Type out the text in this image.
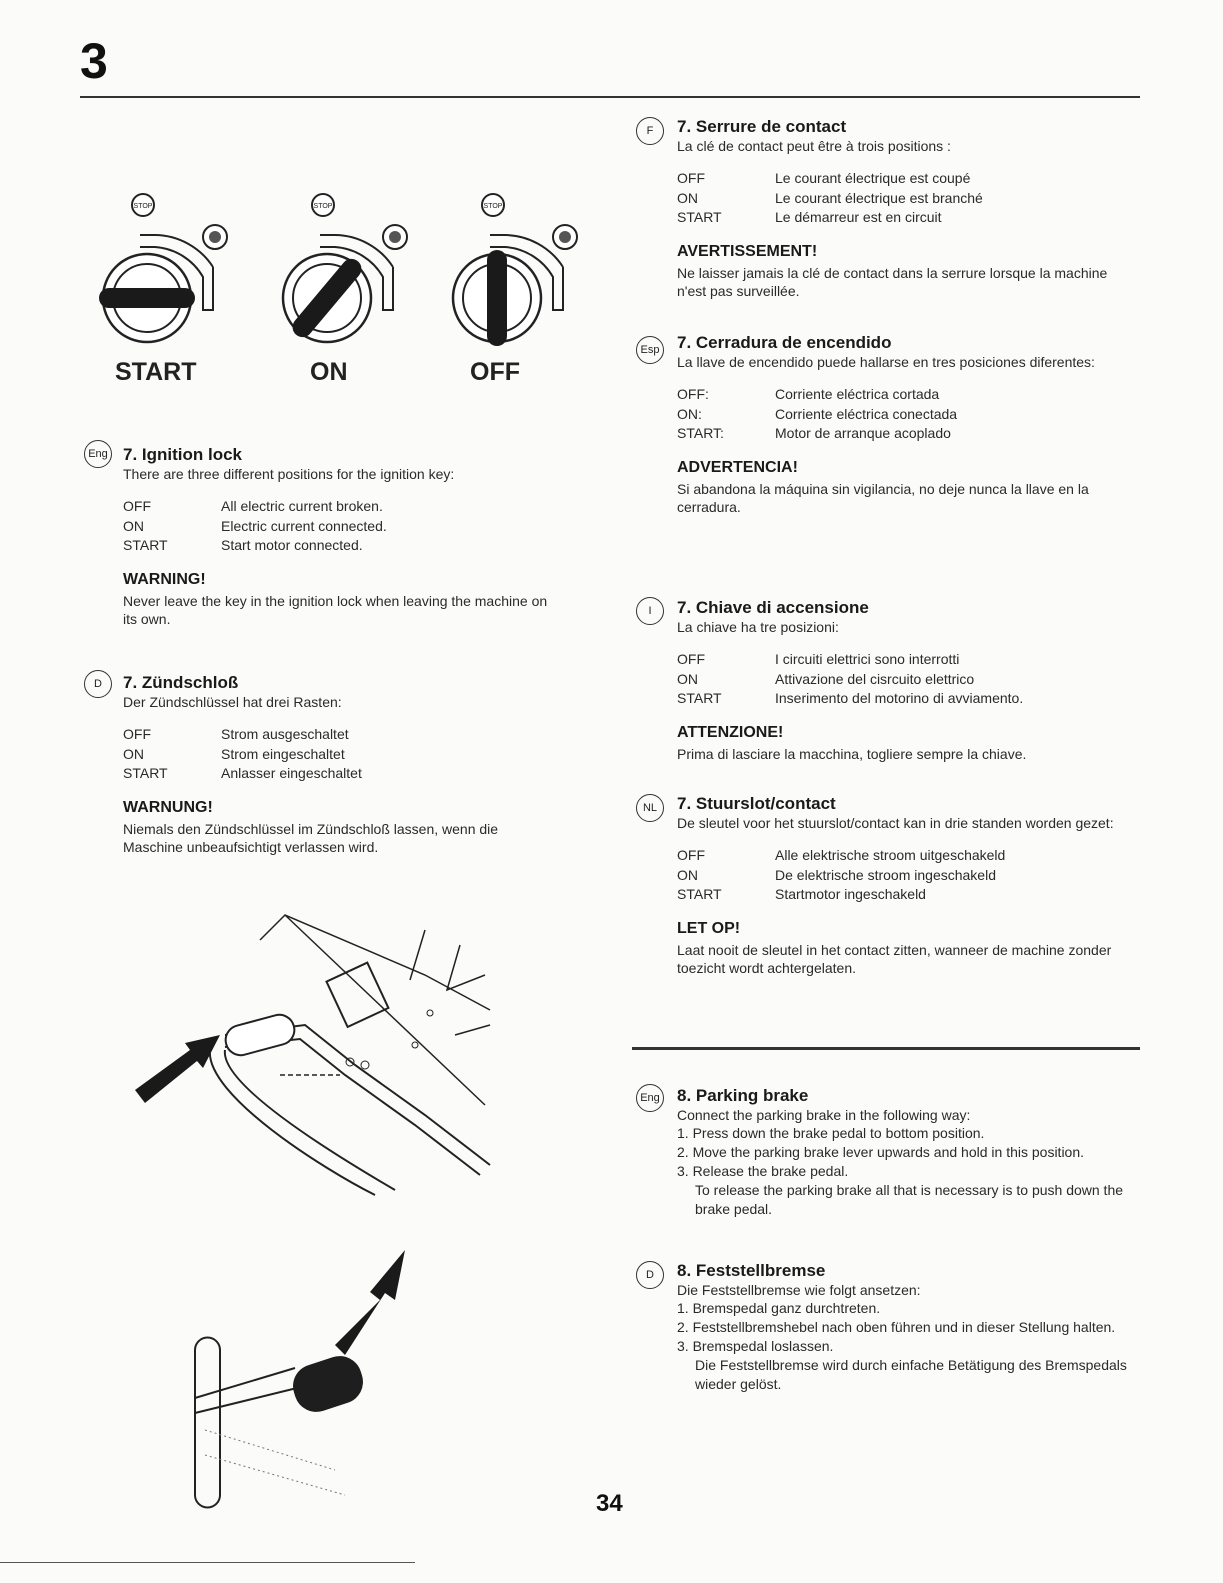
3
STOP	STOP	STOP
START	ON	OFF
Eng 7. Ignition lock

There are three different positions for the ignition key:

OFF	All electric current broken.
ON	Electric current connected.
START	Start motor connected.
WARNING!

Never leave the key in the ignition lock when leaving the machine on its own.

D	7. Zündschloß

Der Zündschlüssel hat drei Rasten:

OFF	Strom ausgeschaltet
ON	Strom eingeschaltet
START	Anlasser eingeschaltet
WARNUNG!

Niemals den Zündschlüssel im Zündschloß lassen, wenn die Maschine unbeaufsichtigt verlassen wird.

F	7. Serrure de contact

La clé de contact peut être à trois positions :

OFF	Le courant électrique est coupé
ON	Le courant électrique est branché
START	Le démarreur est en circuit
AVERTISSEMENT!

Ne laisser jamais la clé de contact dans la serrure lorsque la machine n'est pas surveillée.

Esp 7. Cerradura de encendido

La llave de encendido puede hallarse en tres posiciones diferentes:

OFF:	Corriente eléctrica cortada
ON:	Corriente eléctrica conectada
START:	Motor de arranque acoplado
ADVERTENCIA!

Si abandona la máquina sin vigilancia, no deje nunca la llave en la cerradura.

I	7. Chiave di accensione

La chiave ha tre posizioni:

OFF	I circuiti elettrici sono interrotti
ON	Attivazione del cisrcuito elettrico
START	Inserimento del motorino di avviamento.
ATTENZIONE!

Prima di lasciare la macchina, togliere sempre la chiave.

NL	7. Stuurslot/contact

De sleutel voor het stuurslot/contact kan in drie standen worden gezet:

OFF	Alle elektrische stroom uitgeschakeld
ON	De elektrische stroom ingeschakeld
START	Startmotor ingeschakeld
LET OP!

Laat nooit de sleutel in het contact zitten, wanneer de machine zonder toezicht wordt achtergelaten.

Eng 8. Parking brake

Connect the parking brake in the following way:

1. Press down the brake pedal to bottom position.
2. Move the parking brake lever upwards and hold in this position.
3. Release the brake pedal.
To release the parking brake all that is necessary is to push down the brake pedal.
D	8. Feststellbremse

Die Feststellbremse wie folgt ansetzen:

1. Bremspedal ganz durchtreten.
2. Feststellbremshebel nach oben führen und in dieser Stellung halten.
3. Bremspedal loslassen.
Die Feststellbremse wird durch einfache Betätigung des Bremspedals wieder gelöst.
34
